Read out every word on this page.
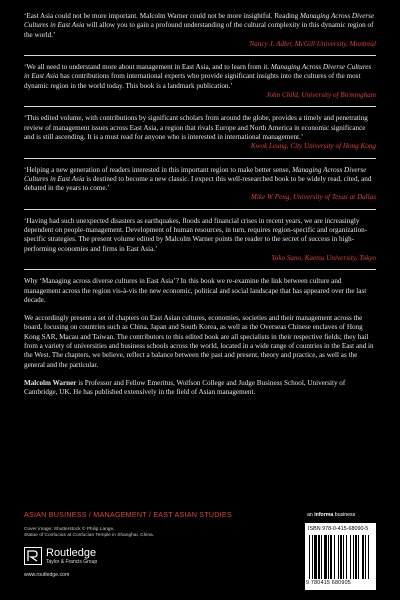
‘East Asia could not be more important. Malcolm Warner could not be more insightful. Reading Managing Across Diverse Cultures in East Asia will allow you to gain a profound understanding of the cultural complexity in this dynamic region of the world.’

Nancy J. Adler, McGill University, Montreal

‘We all need to understand more about management in East Asia, and to learn from it. Managing Across Diverse Cultures in East Asia has contributions from international experts who provide significant insights into the cultures of the most dynamic region in the world today. This book is a landmark publication.’

John Child, University of Birmingham

‘This edited volume, with contributions by significant scholars from around the globe, provides a timely and penetrating review of management issues across East Asia, a region that rivals Europe and North America in economic significance and is still ascending. It is a must read for anyone who is interested in international management.’

Kwok Leung, City University of Hong Kong

‘Helping a new generation of readers interested in this important region to make better sense, Managing Across Diverse Cultures in East Asia is destined to become a new classic. I expect this well-researched book to be widely read, cited, and debated in the years to come.’

Mike W Peng, University of Texas at Dallas

‘Having had such unexpected disasters as earthquakes, floods and financial crises in recent years, we are increasingly dependent on people-management. Development of human resources, in turn, requires region-specific and organization-specific strategies. The present volume edited by Malcolm Warner points the reader to the secret of success in high-performing economies and firms in East Asia.’

Yoko Sano, Kaetsu University, Tokyo

Why ‘Managing across diverse cultures in East Asia’? In this book we re-examine the link between culture and management across the region vis-à-vis the new economic, political and social landscape that has appeared over the last decade.

We accordingly present a set of chapters on East Asian cultures, economies, societies and their management across the board, focusing on countries such as China, Japan and South Korea, as well as the Overseas Chinese enclaves of Hong Kong SAR, Macau and Taiwan. The contributors to this edited book are all specialists in their respective fields; they hail from a variety of universities and business schools across the world, located in a wide range of countries in the East and in the West. The chapters, we believe, reflect a balance between the past and present, theory and practice, as well as the general and the particular.

Malcolm Warner is Professor and Fellow Emeritus, Wolfson College and Judge Business School, University of Cambridge, UK. He has published extensively in the field of Asian management.

ASIAN BUSINESS / MANAGEMENT / EAST ASIAN STUDIES
Cover image: Shutterstock © Philip Lange,
Statue of Confucius at Confucian Temple in Shanghai, China.
Routledge
Taylor & Francis Group
www.routledge.com
an informa business
ISBN 978-0-415-68090-5
9 780415 680905
